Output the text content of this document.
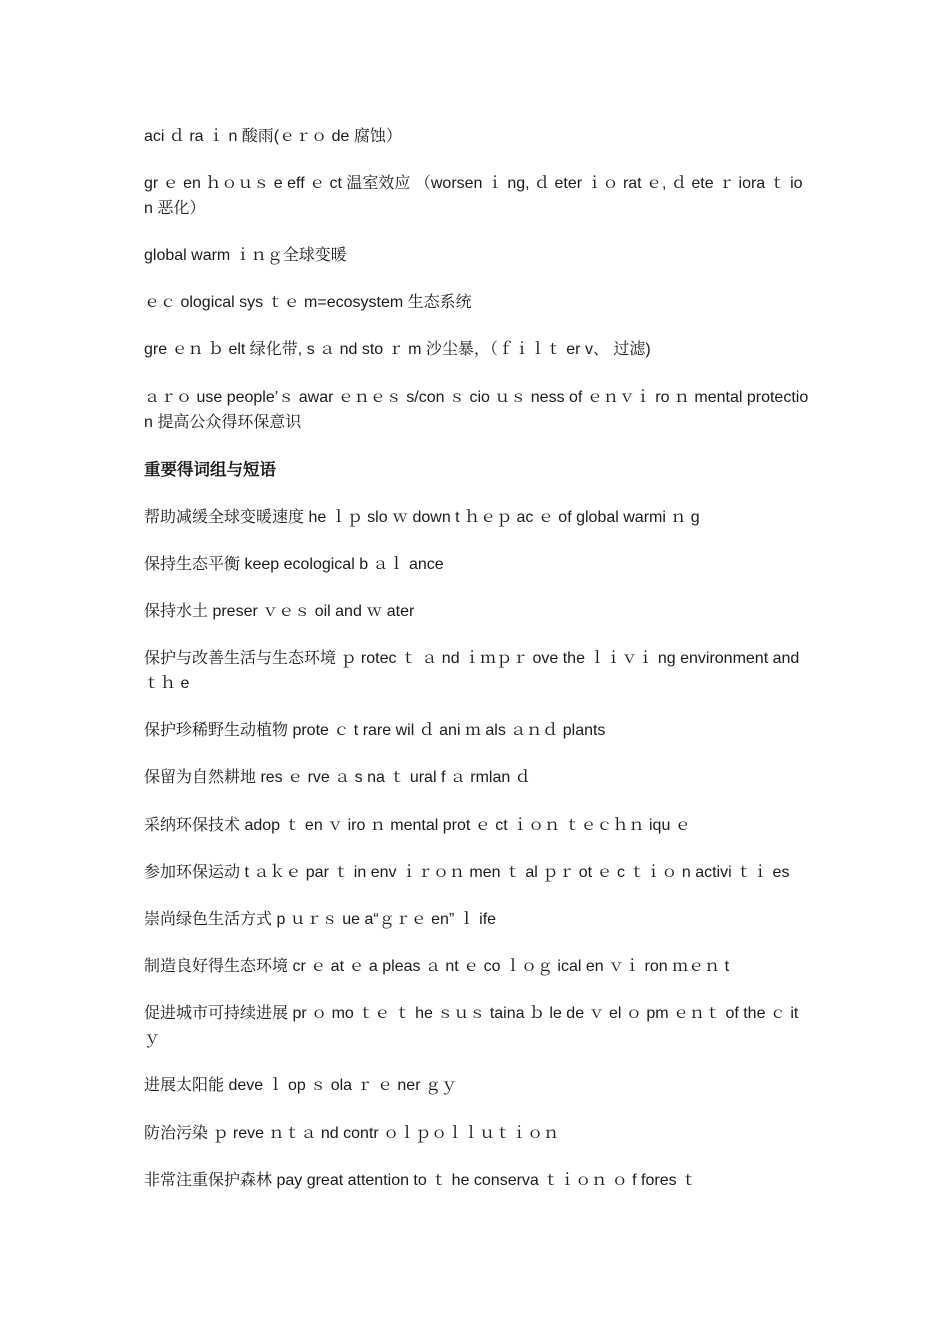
aci ｄ ra ｉ n 酸雨(ｅｒｏ de 腐蚀）

gr ｅ en ｈｏｕｓ e eff ｅ ct 温室效应 （worsen ｉ ng, ｄ eter ｉｏ rat ｅ, ｄ ete ｒ iora ｔ ion 恶化）

global warm ｉｎｇ全球变暖

ｅｃ ological sys ｔｅ m=ecosystem 生态系统

gre ｅｎ ｂ elt 绿化带, s ａ nd sto ｒ m 沙尘暴，（ｆｉｌｔ er v、 过滤)

ａｒｏ use people’ｓ awar ｅｎｅｓ s/con ｓ cio ｕｓ ness of ｅｎｖｉ ro ｎ mental protection 提高公众得环保意识

重要得词组与短语

帮助减缓全球变暖速度 he ｌｐ slo ｗ down t ｈｅｐ ac ｅ of global warmi ｎ g

保持生态平衡 keep ecological b ａｌ ance

保持水土 preser ｖｅｓ oil and ｗ ater

保护与改善生活与生态环境 ｐ rotec ｔ ａ nd ｉｍｐｒ ove the ｌｉｖｉ ng environment and ｔｈ e

保护珍稀野生动植物 prote ｃ t rare wil ｄ ani ｍ als ａｎｄ plants

保留为自然耕地 res ｅ rve ａ s na ｔ ural f ａ rmlan ｄ

采纳环保技术 adop ｔ en ｖ iro ｎ mental prot ｅ ct ｉｏｎ ｔｅｃｈｎ iqu ｅ

参加环保运动 t ａｋｅ par ｔ in env ｉｒｏｎ men ｔ al ｐｒ ot ｅ c ｔｉｏ n activi ｔｉ es

崇尚绿色生活方式 p ｕｒｓ ue a“ｇｒｅ en” ｌ ife

制造良好得生态环境 cr ｅ at ｅ a pleas ａ nt ｅ co ｌｏｇ ical en ｖｉ ron ｍｅｎ t

促进城市可持续进展 pr ｏ mo ｔｅ ｔ he ｓｕｓ taina ｂ le de ｖ el ｏ pm ｅｎｔ of the ｃ it ｙ

进展太阳能 deve ｌ op ｓ ola ｒ ｅ ner ｇｙ

防治污染 ｐ reve ｎｔａ nd contr ｏｌｐｏｌｌｕｔｉｏｎ

非常注重保护森林 pay great attention to ｔ he conserva ｔｉｏｎ ｏ f fores ｔ
